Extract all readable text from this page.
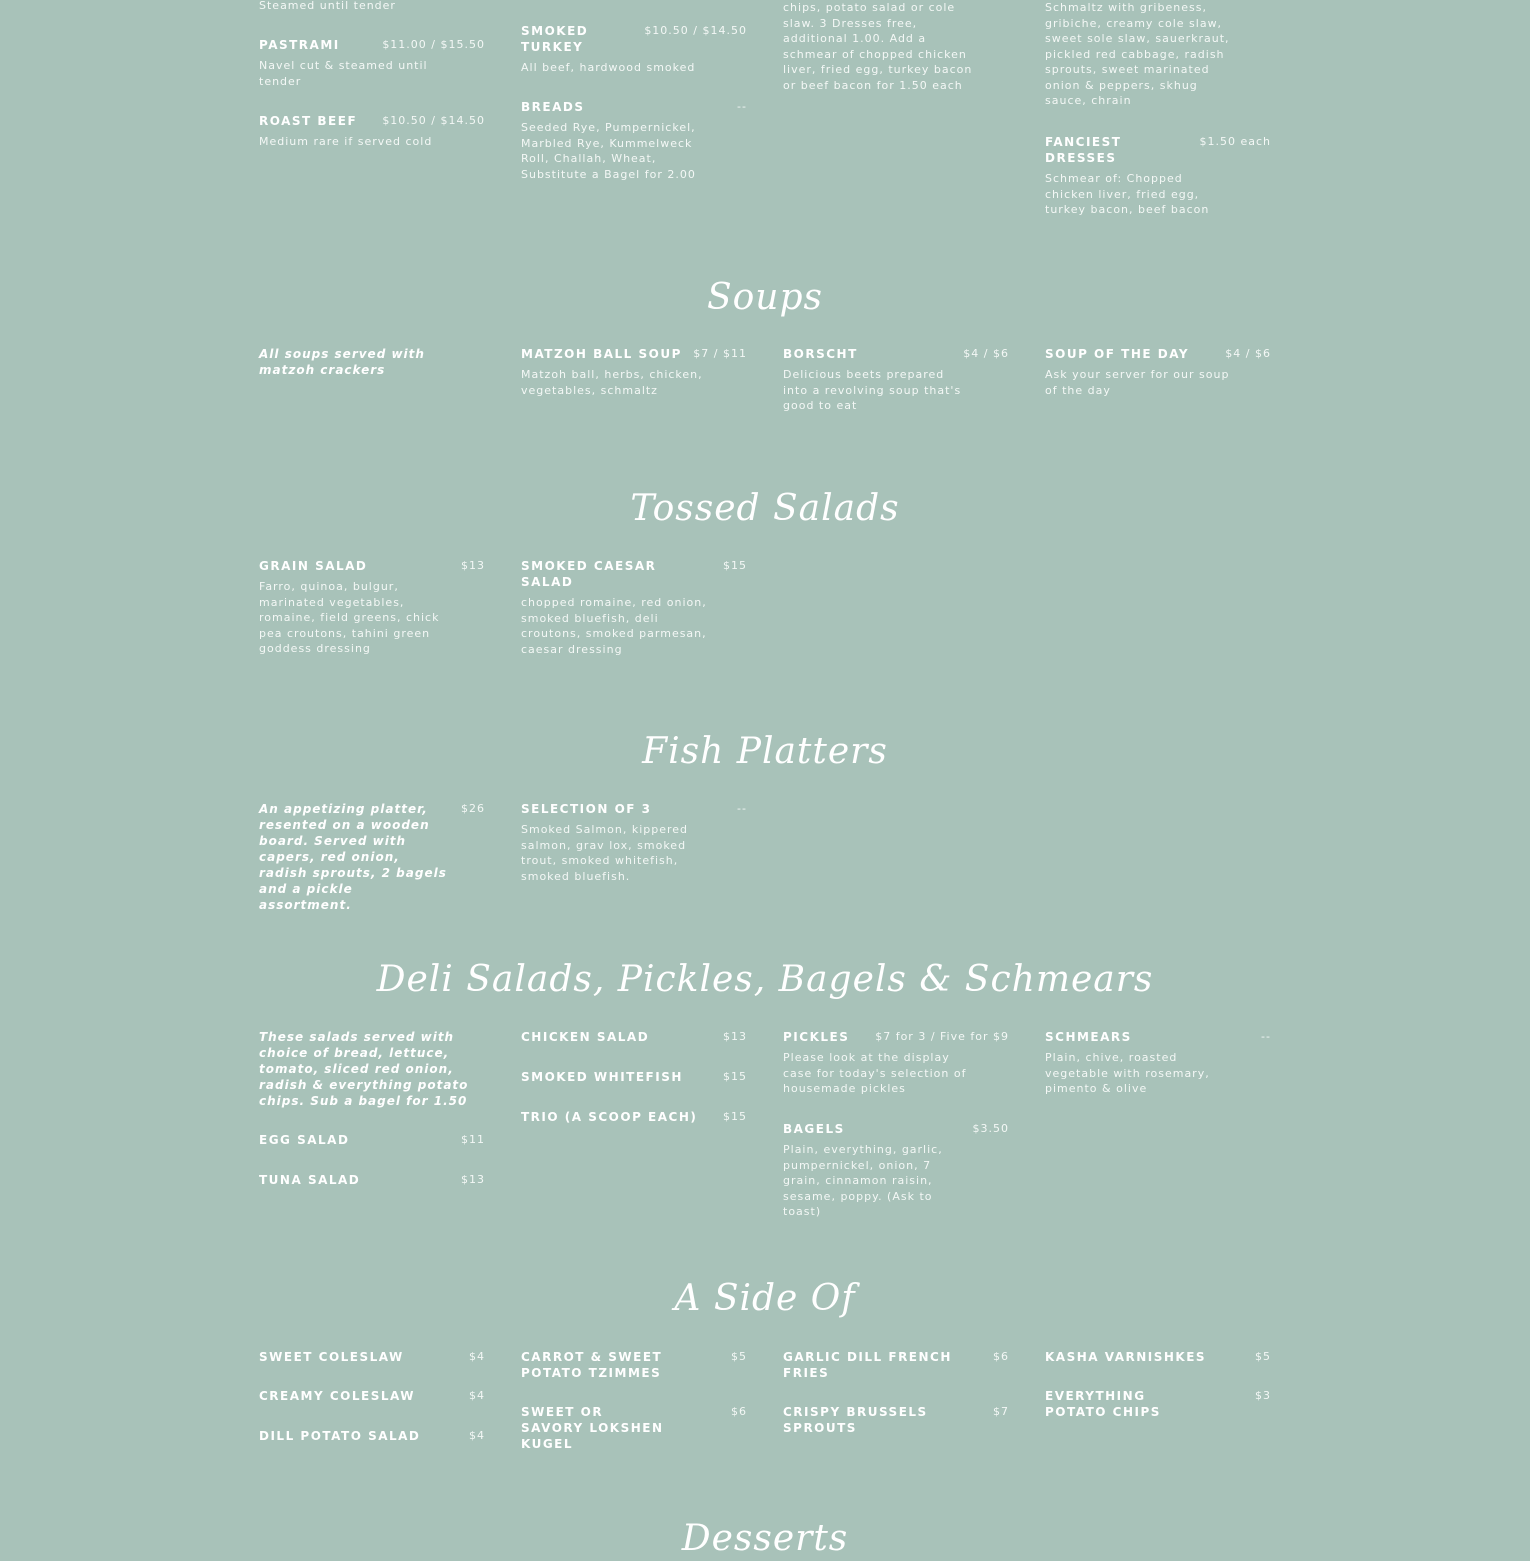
Steamed until tender
PASTRAMI	$11.00 / $15.50
Navel cut & steamed until tender
ROAST BEEF $10.50 / $14.50
Medium rare if served cold
SMOKED TURKEY
$10.50 / $14.50
All beef, hardwood smoked
BREADS	--
Seeded Rye, Pumpernickel, Marbled Rye, Kummelweck Roll, Challah, Wheat, Substitute a Bagel for 2.00
chips, potato salad or cole slaw. 3 Dresses free, additional 1.00. Add a schmear of chopped chicken liver, fried egg, turkey bacon or beef bacon for 1.50 each
Schmaltz with gribeness, gribiche, creamy cole slaw, sweet sole slaw, sauerkraut, pickled red cabbage, radish sprouts, sweet marinated onion & peppers, skhug sauce, chrain
FANCIEST DRESSES
$1.50 each
Schmear of: Chopped chicken liver, fried egg, turkey bacon, beef bacon
Soups
All soups served with matzoh crackers
MATZOH BALL SOUP $7 / $11
Matzoh ball, herbs, chicken, vegetables, schmaltz
BORSCHT	$4 / $6
Delicious beets prepared into a revolving soup that's good to eat
SOUP OF THE DAY	$4 / $6
Ask your server for our soup of the day
Tossed Salads
GRAIN SALAD	$13
Farro, quinoa, bulgur, marinated vegetables, romaine, field greens, chick pea croutons, tahini green goddess dressing
SMOKED CAESAR SALAD
$15
chopped romaine, red onion, smoked bluefish, deli croutons, smoked parmesan, caesar dressing
Fish Platters
An appetizing platter, resented on a wooden board. Served with capers, red onion, radish sprouts, 2 bagels and a pickle assortment.
$26	SELECTION OF 3	--
Smoked Salmon, kippered salmon, grav lox, smoked trout, smoked whitefish, smoked bluefish.
Deli Salads, Pickles, Bagels & Schmears
These salads served with choice of bread, lettuce, tomato, sliced red onion, radish & everything potato chips. Sub a bagel for 1.50
EGG SALAD	$11
TUNA SALAD	$13
CHICKEN SALAD	$13
SMOKED WHITEFISH	$15
TRIO (A SCOOP EACH) $15
PICKLES $7 for 3 / Five for $9
Please look at the display case for today's selection of housemade pickles
BAGELS	$3.50
Plain, everything, garlic, pumpernickel, onion, 7 grain, cinnamon raisin, sesame, poppy. (Ask to toast)
SCHMEARS	--
Plain, chive, roasted vegetable with rosemary, pimento & olive
A Side Of
SWEET COLESLAW	$4
CREAMY COLESLAW	$4
DILL POTATO SALAD	$4
CARROT & SWEET POTATO TZIMMES
$5
SWEET OR SAVORY LOKSHEN KUGEL
$6
GARLIC DILL FRENCH FRIES
$6
CRISPY BRUSSELS SPROUTS
$7
KASHA VARNISHKES	$5
EVERYTHING POTATO CHIPS
$3
Desserts
